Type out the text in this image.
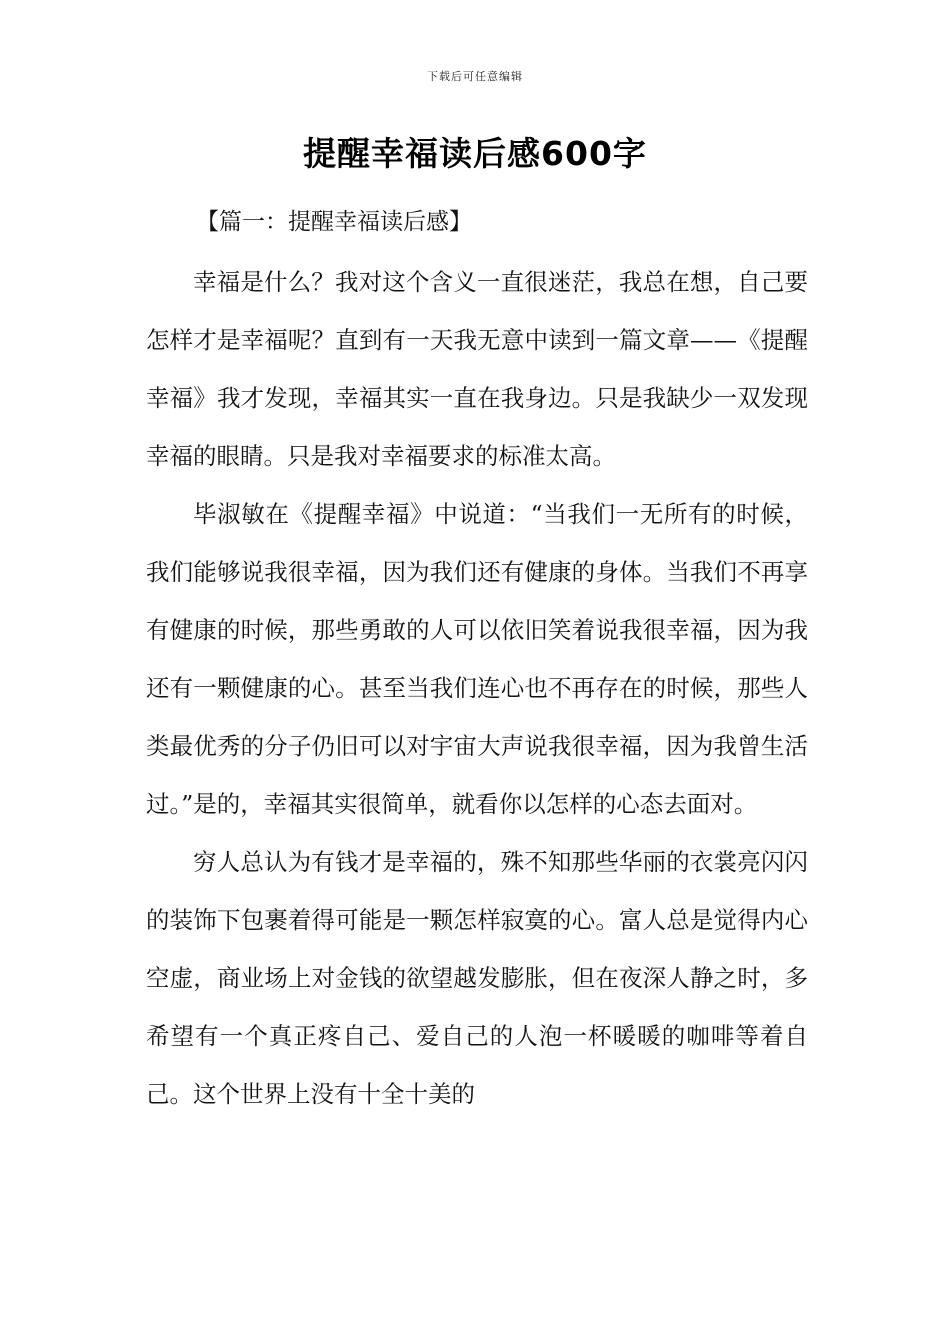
下载后可任意编辑
提醒幸福读后感600字
【篇一：提醒幸福读后感】

幸福是什么？我对这个含义一直很迷茫，我总在想，自己要怎样才是幸福呢？直到有一天我无意中读到一篇文章——《提醒幸福》我才发现，幸福其实一直在我身边。只是我缺少一双发现幸福的眼睛。只是我对幸福要求的标准太高。

毕淑敏在《提醒幸福》中说道：“当我们一无所有的时候，我们能够说我很幸福，因为我们还有健康的身体。当我们不再享有健康的时候，那些勇敢的人可以依旧笑着说我很幸福，因为我还有一颗健康的心。甚至当我们连心也不再存在的时候，那些人类最优秀的分子仍旧可以对宇宙大声说我很幸福，因为我曾生活过。”是的，幸福其实很简单，就看你以怎样的心态去面对。

穷人总认为有钱才是幸福的，殊不知那些华丽的衣裳亮闪闪的装饰下包裹着得可能是一颗怎样寂寞的心。富人总是觉得内心空虚，商业场上对金钱的欲望越发膨胀，但在夜深人静之时，多希望有一个真正疼自己、爱自己的人泡一杯暖暖的咖啡等着自己。这个世界上没有十全十美的
